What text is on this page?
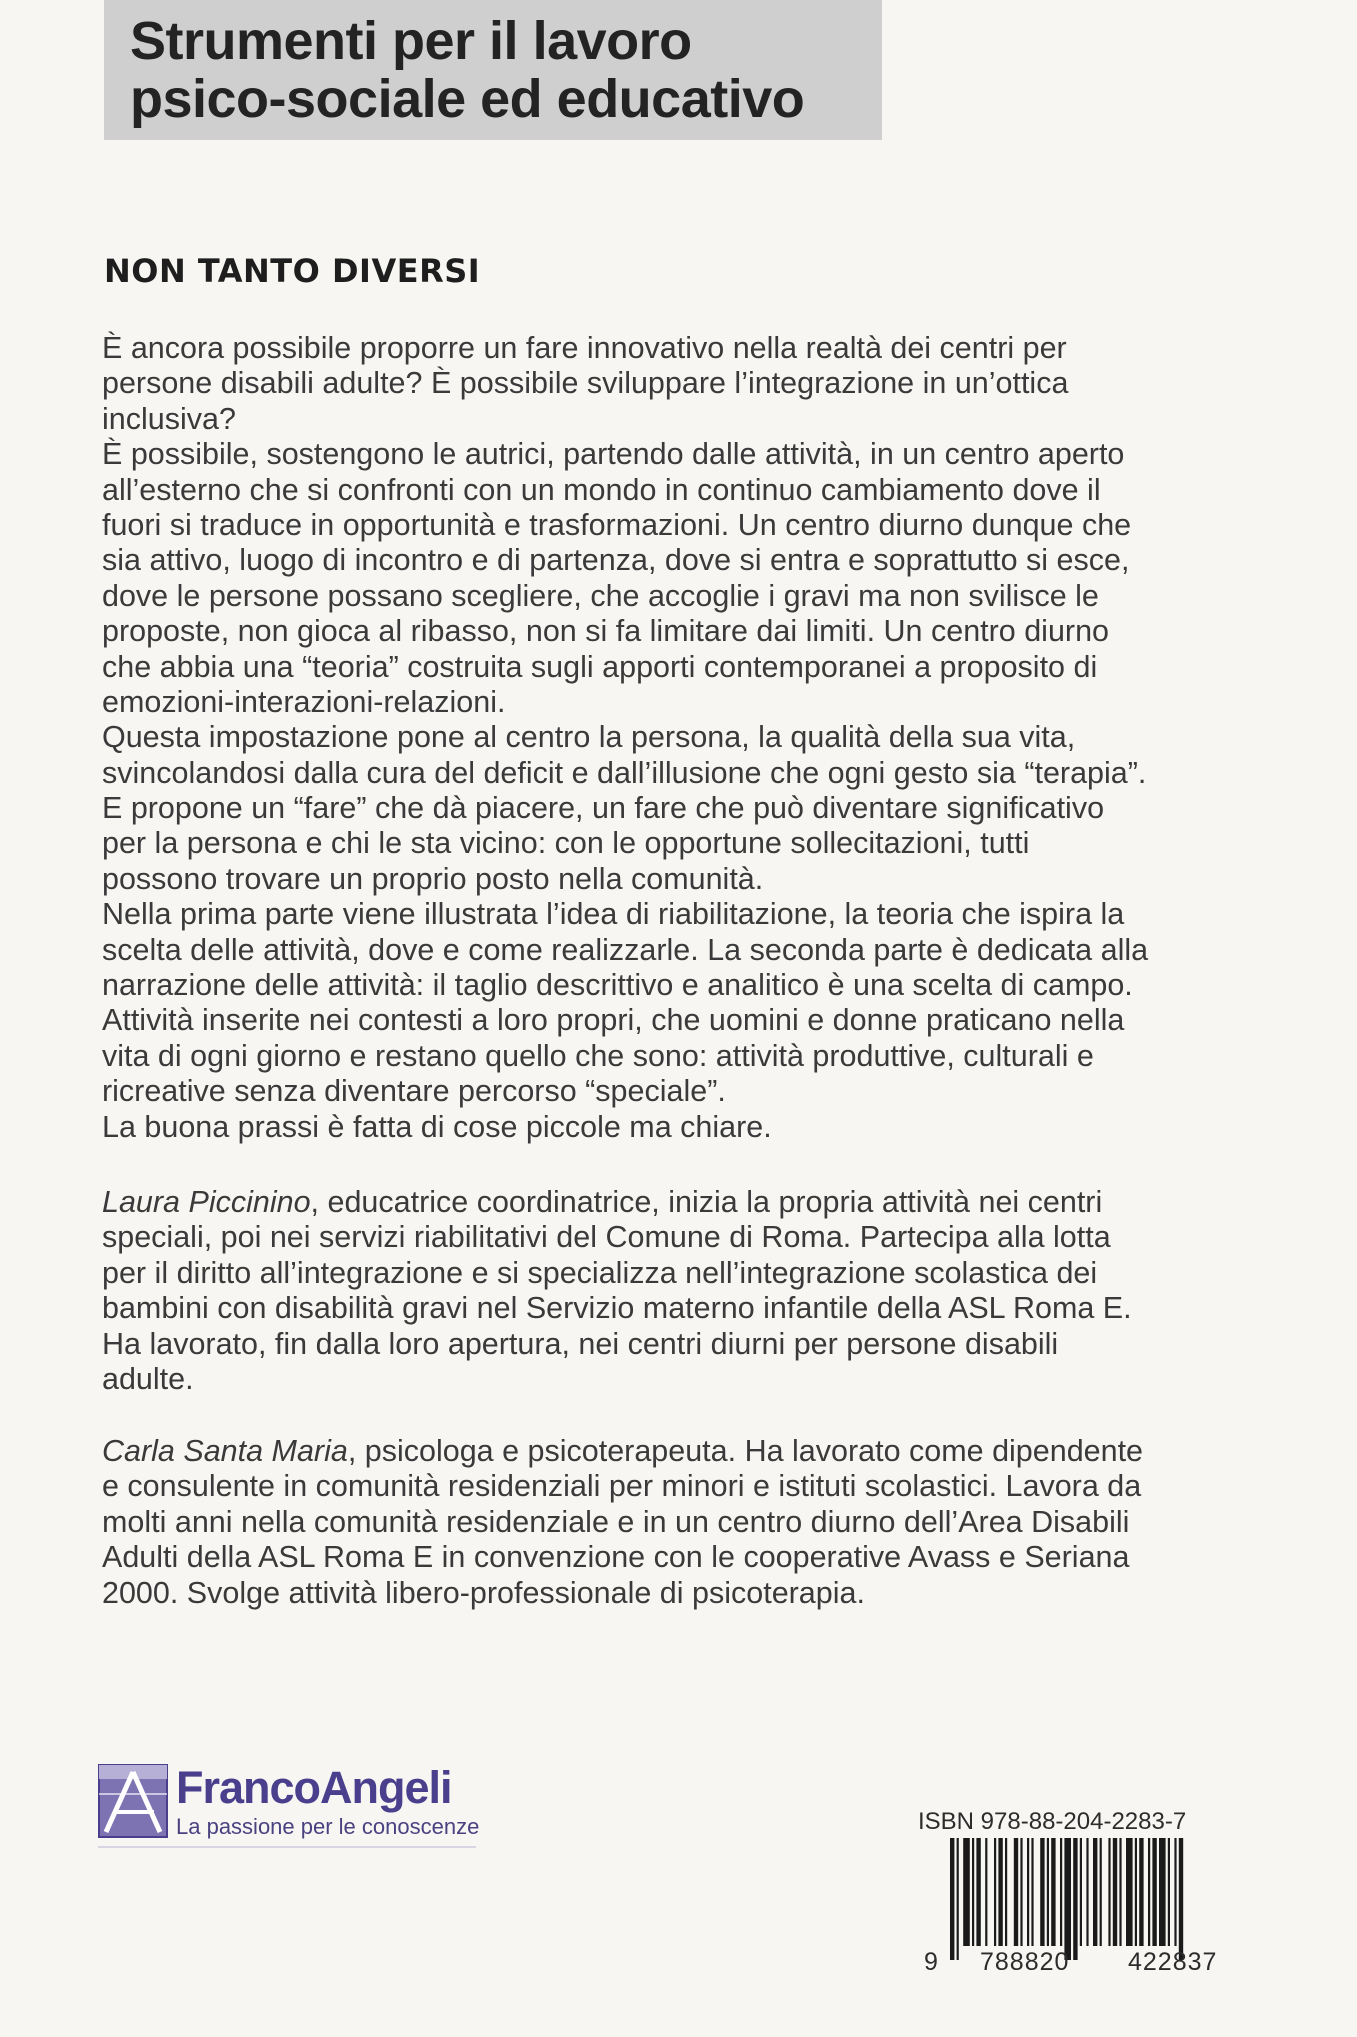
Strumenti per il lavoro
psico-sociale ed educativo
NON TANTO DIVERSI
È ancora possibile proporre un fare innovativo nella realtà dei centri per
persone disabili adulte? È possibile sviluppare l’integrazione in un’ottica
inclusiva?
È possibile, sostengono le autrici, partendo dalle attività, in un centro aperto
all’esterno che si confronti con un mondo in continuo cambiamento dove il
fuori si traduce in opportunità e trasformazioni. Un centro diurno dunque che
sia attivo, luogo di incontro e di partenza, dove si entra e soprattutto si esce,
dove le persone possano scegliere, che accoglie i gravi ma non svilisce le
proposte, non gioca al ribasso, non si fa limitare dai limiti. Un centro diurno
che abbia una “teoria” costruita sugli apporti contemporanei a proposito di
emozioni-interazioni-relazioni.
Questa impostazione pone al centro la persona, la qualità della sua vita,
svincolandosi dalla cura del deficit e dall’illusione che ogni gesto sia “terapia”.
E propone un “fare” che dà piacere, un fare che può diventare significativo
per la persona e chi le sta vicino: con le opportune sollecitazioni, tutti
possono trovare un proprio posto nella comunità.
Nella prima parte viene illustrata l’idea di riabilitazione, la teoria che ispira la
scelta delle attività, dove e come realizzarle. La seconda parte è dedicata alla
narrazione delle attività: il taglio descrittivo e analitico è una scelta di campo.
Attività inserite nei contesti a loro propri, che uomini e donne praticano nella
vita di ogni giorno e restano quello che sono: attività produttive, culturali e
ricreative senza diventare percorso “speciale”.
La buona prassi è fatta di cose piccole ma chiare.
Laura Piccinino, educatrice coordinatrice, inizia la propria attività nei centri
speciali, poi nei servizi riabilitativi del Comune di Roma. Partecipa alla lotta
per il diritto all’integrazione e si specializza nell’integrazione scolastica dei
bambini con disabilità gravi nel Servizio materno infantile della ASL Roma E.
Ha lavorato, fin dalla loro apertura, nei centri diurni per persone disabili
adulte.
Carla Santa Maria, psicologa e psicoterapeuta. Ha lavorato come dipendente
e consulente in comunità residenziali per minori e istituti scolastici. Lavora da
molti anni nella comunità residenziale e in un centro diurno dell’Area Disabili
Adulti della ASL Roma E in convenzione con le cooperative Avass e Seriana
2000. Svolge attività libero-professionale di psicoterapia.
FrancoAngeli
La passione per le conoscenze	ISBN 978-88-204-2283-7
9 788820 422837
